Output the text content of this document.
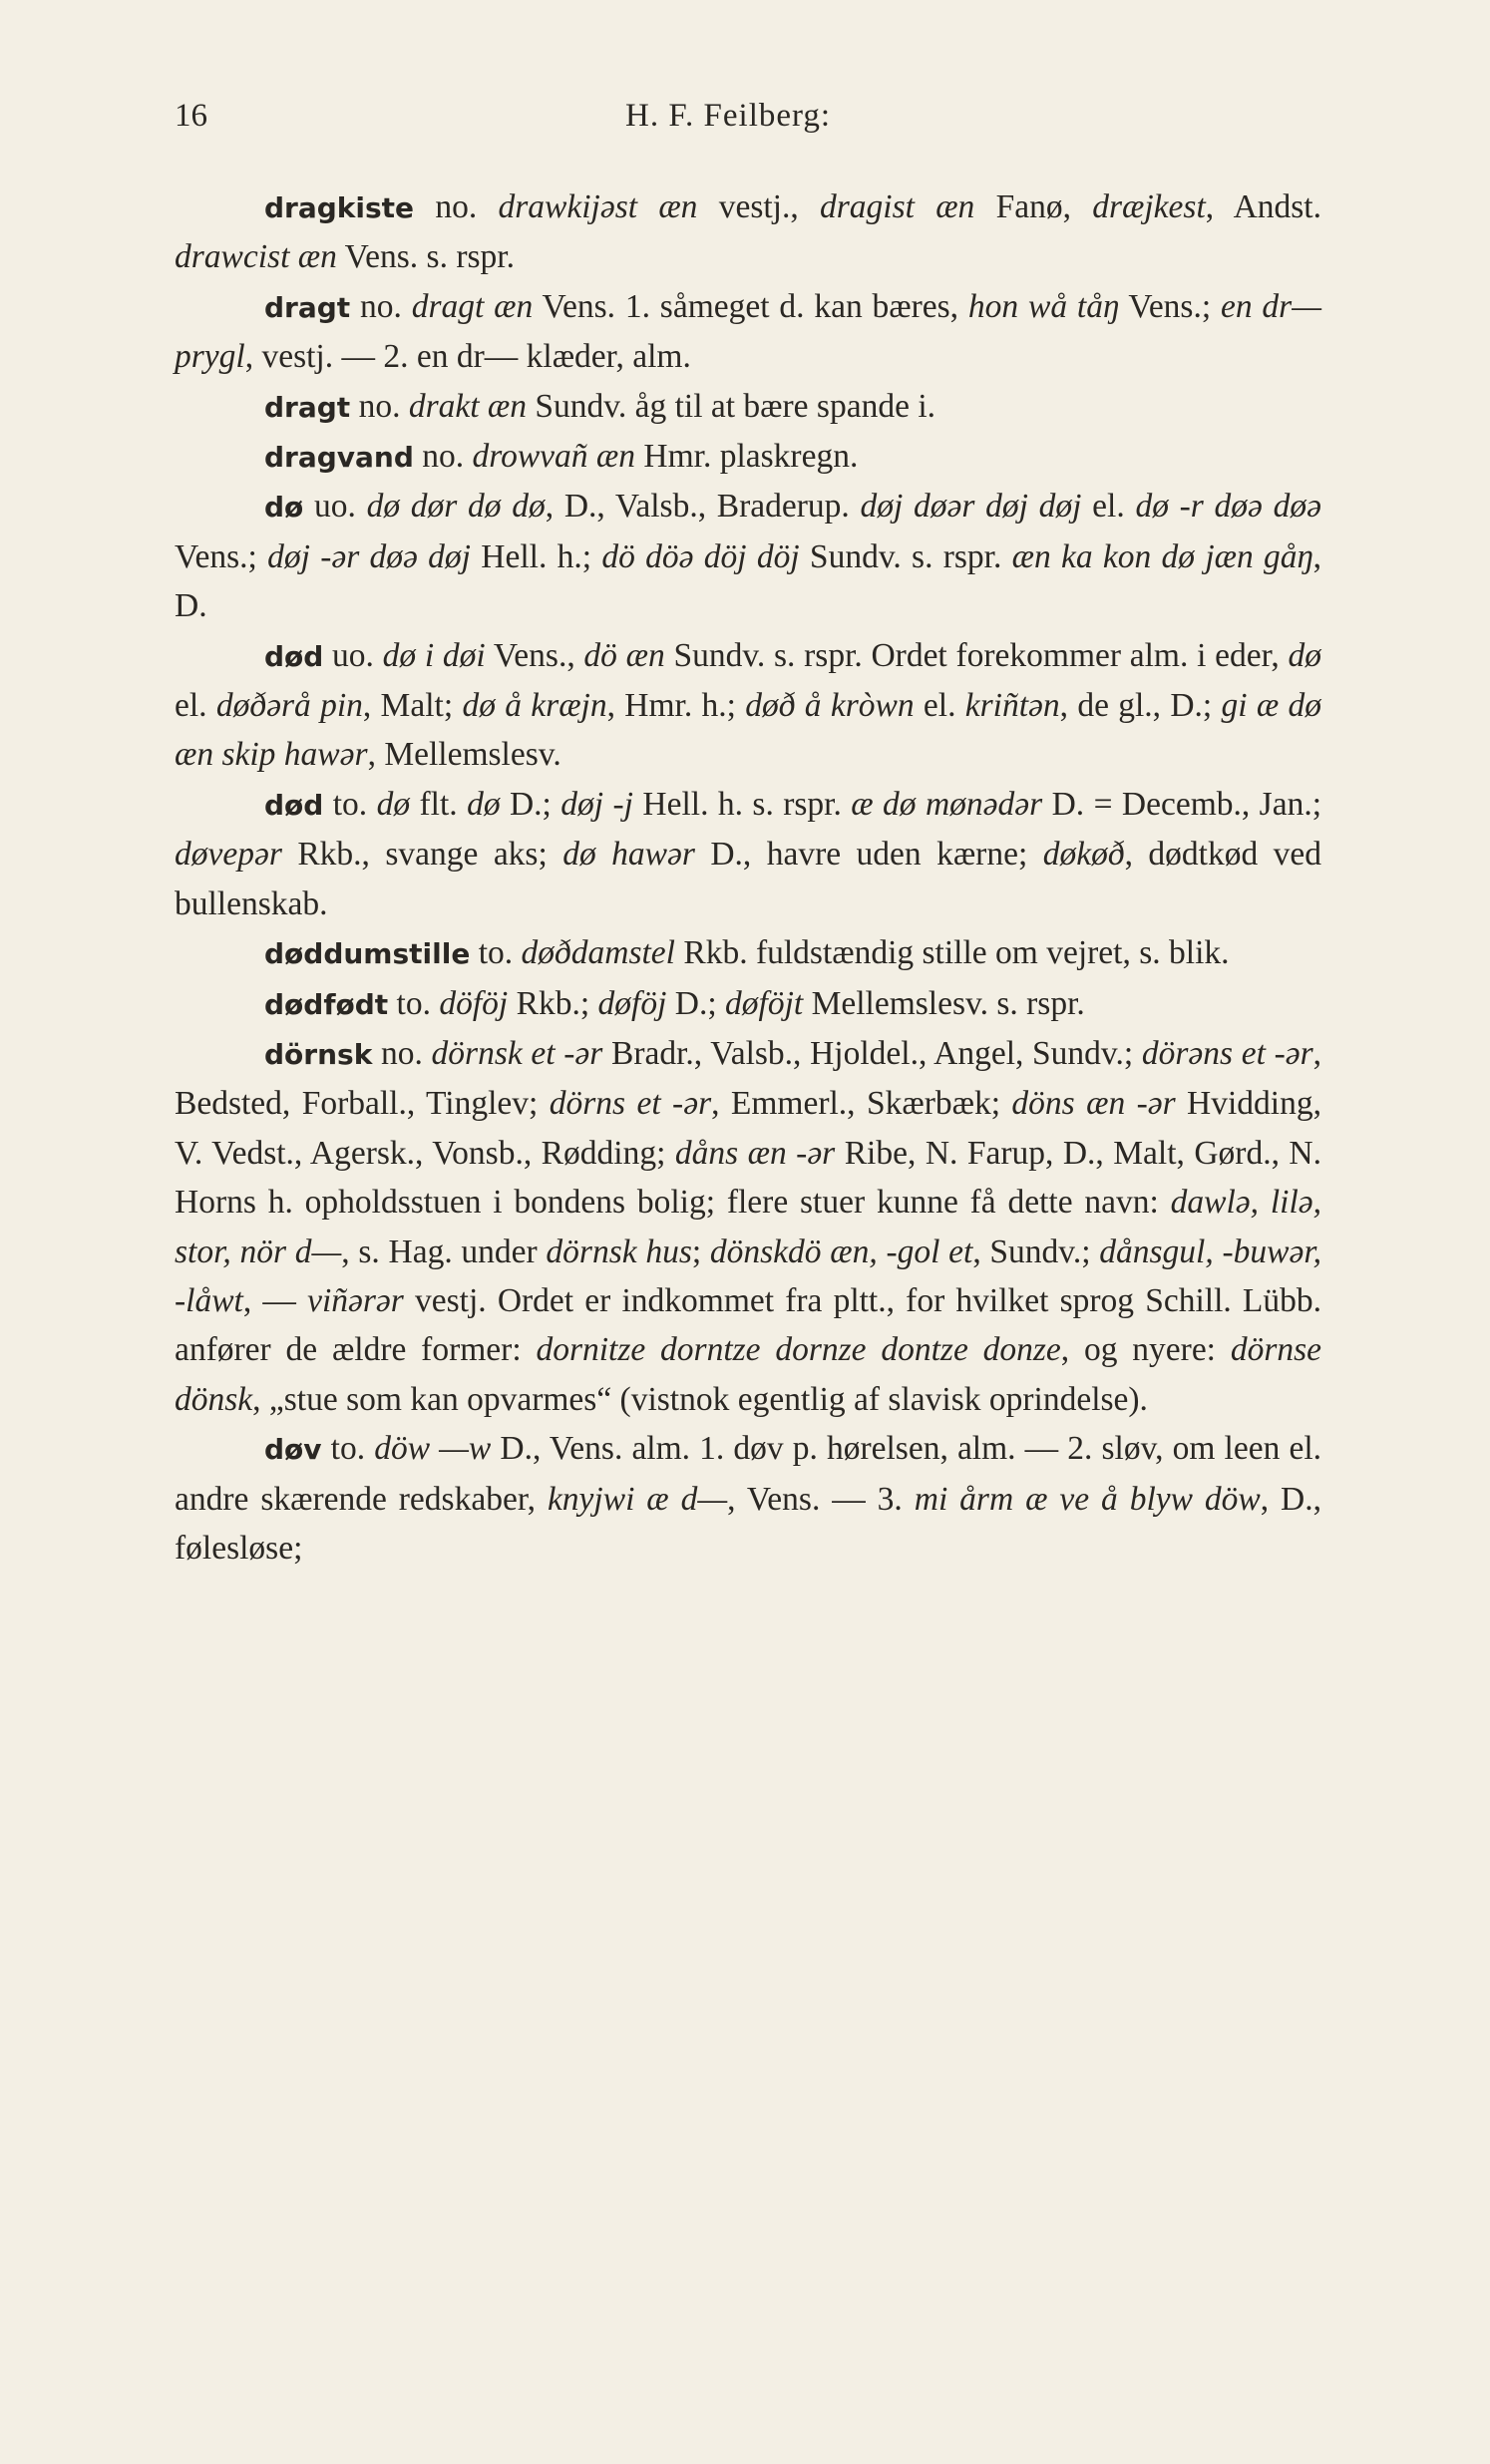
16	H. F. Feilberg:

dragkiste no. drawkijəst æn vestj., dragist æn Fanø, dræjkest, Andst. drawcist æn Vens. s. rspr.

dragt no. dragt æn Vens. 1. såmeget d. kan bæres, hon wå tåŋ Vens.; en dr— prygl, vestj. — 2. en dr— klæder, alm.

dragt no. drakt æn Sundv. åg til at bære spande i.

dragvand no. drowvañ æn Hmr. plaskregn.

dø uo. dø dør dø dø, D., Valsb., Braderup. døj døər døj døj el. dø -r døə døə Vens.; døj -ər døə døj Hell. h.; dö döə döj döj Sundv. s. rspr. æn ka kon dø jæn gåŋ, D.

død uo. dø i døi Vens., dö æn Sundv. s. rspr. Ordet forekommer alm. i eder, dø el. døðərå pin, Malt; dø å kræjn, Hmr. h.; døð å kròwn el. kriñtən, de gl., D.; gi æ dø æn skip hawər, Mellemslesv.

død to. dø flt. dø D.; døj -j Hell. h. s. rspr. æ dø mønədər D. = Decemb., Jan.; døvepər Rkb., svange aks; dø hawər D., havre uden kærne; døkøð, dødtkød ved bullenskab.

døddumstille to. døðdamstel Rkb. fuldstændig stille om vejret, s. blik.

dødfødt to. döföj Rkb.; døföj D.; døföjt Mellemslesv. s. rspr.

dörnsk no. dörnsk et -ər Bradr., Valsb., Hjoldel., Angel, Sundv.; dörəns et -ər, Bedsted, Forball., Tinglev; dörns et -ər, Emmerl., Skærbæk; döns æn -ər Hvidding, V. Vedst., Agersk., Vonsb., Rødding; dåns æn -ər Ribe, N. Farup, D., Malt, Gørd., N. Horns h. opholdsstuen i bondens bolig; flere stuer kunne få dette navn: dawlə, lilə, stor, nör d—, s. Hag. under dörnsk hus; dönskdö æn, -gol et, Sundv.; dånsgul, -buwər, -låwt, — viñərər vestj. Ordet er indkommet fra pltt., for hvilket sprog Schill. Lübb. anfører de ældre former: dornitze dorntze dornze dontze donze, og nyere: dörnse dönsk, „stue som kan opvarmes“ (vistnok egentlig af slavisk oprindelse).

døv to. döw —w D., Vens. alm. 1. døv p. hørelsen, alm. — 2. sløv, om leen el. andre skærende redskaber, knyjwi æ d—, Vens. — 3. mi årm æ ve å blyw döw, D., følesløse;
